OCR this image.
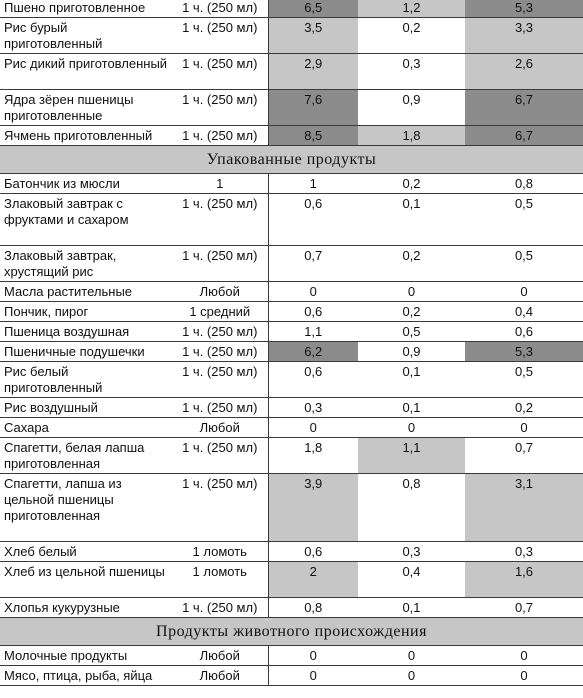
Пшено приготовленное	1 ч. (250 мл)	6,5	1,2	5,3
Рис бурый приготовленный	1 ч. (250 мл)	3,5	0,2	3,3
Рис дикий приготовленный	1 ч. (250 мл)	2,9	0,3	2,6
Ядра зёрен пшеницы приготовленные	1 ч. (250 мл)	7,6	0,9	6,7
Ячмень приготовленный	1 ч. (250 мл)	8,5	1,8	6,7
Упакованные продукты				
Батончик из мюсли	1	1	0,2	0,8
Злаковый завтрак с фруктами и сахаром	1 ч. (250 мл)	0,6	0,1	0,5
Злаковый завтрак, хрустящий рис	1 ч. (250 мл)	0,7	0,2	0,5
Масла растительные	Любой	0	0	0
Пончик, пирог	1 средний	0,6	0,2	0,4
Пшеница воздушная	1 ч. (250 мл)	1,1	0,5	0,6
Пшеничные подушечки	1 ч. (250 мл)	6,2	0,9	5,3
Рис белый приготовленный	1 ч. (250 мл)	0,6	0,1	0,5
Рис воздушный	1 ч. (250 мл)	0,3	0,1	0,2
Сахара	Любой	0	0	0
Спагетти, белая лапша приготовленная	1 ч. (250 мл)	1,8	1,1	0,7
Спагетти, лапша из цельной пшеницы приготовленная	1 ч. (250 мл)	3,9	0,8	3,1
Хлеб белый	1 ломоть	0,6	0,3	0,3
Хлеб из цельной пшеницы	1 ломоть	2	0,4	1,6
Хлопья кукурузные	1 ч. (250 мл)	0,8	0,1	0,7
Продукты животного происхождения				
Молочные продукты	Любой	0	0	0
Мясо, птица, рыба, яйца	Любой	0	0	0
